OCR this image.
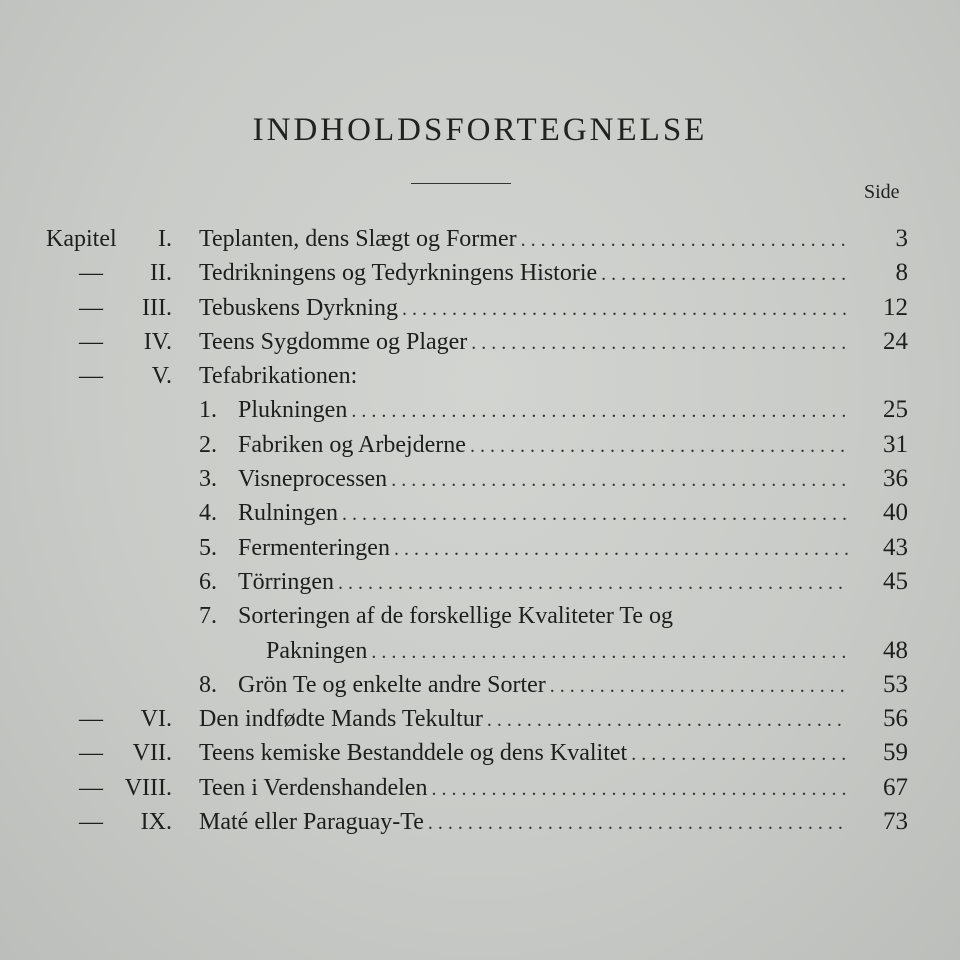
INDHOLDSFORTEGNELSE
Side
Kapitel I. Teplanten, dens Slægt og Former . . .	3
— II. Tedrikningens og Tedyrkningens Historie . . .	8
— III. Tebuskens Dyrkning . . .	12
— IV. Teens Sygdomme og Plager . . .	24
— V. Tefabrikationen:
1. Plukningen . . .	25
2. Fabriken og Arbejderne . . .	31
3. Visneprocessen . . .	36
4. Rulningen . . .	40
5. Fermenteringen . . .	43
6. Törringen . . .	45
7. Sorteringen af de forskellige Kvaliteter Te og
Pakningen . . .	48
8. Grön Te og enkelte andre Sorter . . .	53
— VI. Den indfødte Mands Tekultur . . .	56
— VII. Teens kemiske Bestanddele og dens Kvalitet . . .	59
— VIII. Teen i Verdenshandelen . . .	67
— IX. Maté eller Paraguay-Te . . .	73
